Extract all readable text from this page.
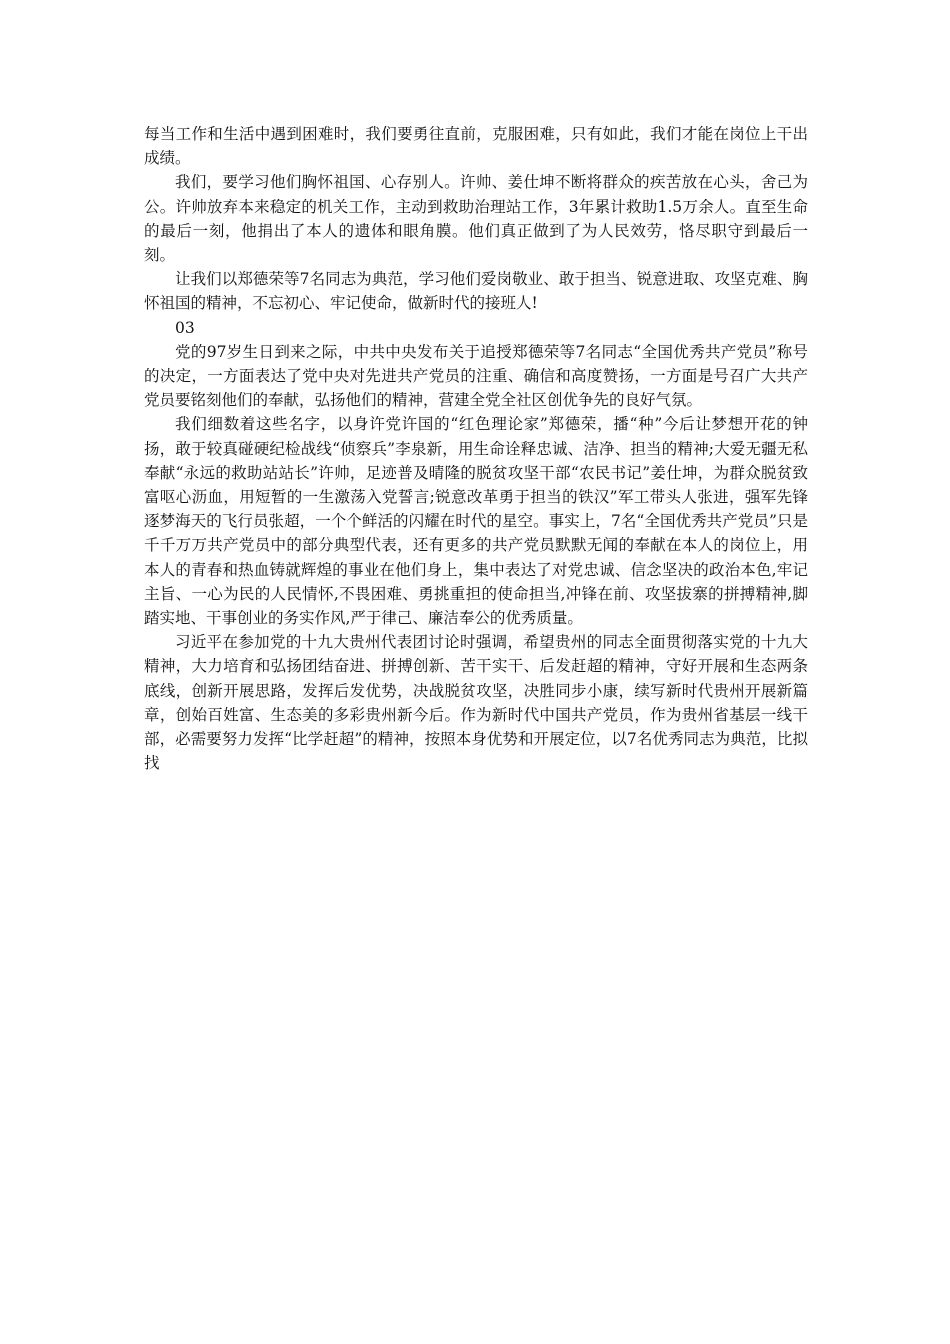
每当工作和生活中遇到困难时，我们要勇往直前，克服困难，只有如此，我们才能在岗位上干出成绩。

我们，要学习他们胸怀祖国、心存别人。许帅、姜仕坤不断将群众的疾苦放在心头，舍己为公。许帅放弃本来稳定的机关工作，主动到救助治理站工作，3年累计救助1.5万余人。直至生命的最后一刻，他捐出了本人的遗体和眼角膜。他们真正做到了为人民效劳，恪尽职守到最后一刻。

让我们以郑德荣等7名同志为典范，学习他们爱岗敬业、敢于担当、锐意进取、攻坚克难、胸怀祖国的精神，不忘初心、牢记使命，做新时代的接班人!

03

党的97岁生日到来之际，中共中央发布关于追授郑德荣等7名同志“全国优秀共产党员”称号的决定，一方面表达了党中央对先进共产党员的注重、确信和高度赞扬，一方面是号召广大共产党员要铭刻他们的奉献，弘扬他们的精神，营建全党全社区创优争先的良好气氛。

我们细数着这些名字，以身许党许国的“红色理论家”郑德荣，播“种”今后让梦想开花的钟扬，敢于较真碰硬纪检战线“侦察兵”李泉新，用生命诠释忠诚、洁净、担当的精神;大爱无疆无私奉献“永远的救助站站长”许帅，足迹普及晴隆的脱贫攻坚干部“农民书记”姜仕坤，为群众脱贫致富呕心沥血，用短暂的一生激荡入党誓言;锐意改革勇于担当的铁汉”军工带头人张进，强军先锋逐梦海天的飞行员张超，一个个鲜活的闪耀在时代的星空。事实上，7名“全国优秀共产党员”只是千千万万共产党员中的部分典型代表，还有更多的共产党员默默无闻的奉献在本人的岗位上，用本人的青春和热血铸就辉煌的事业在他们身上，集中表达了对党忠诚、信念坚决的政治本色,牢记主旨、一心为民的人民情怀,不畏困难、勇挑重担的使命担当,冲锋在前、攻坚拔寨的拼搏精神,脚踏实地、干事创业的务实作风,严于律己、廉洁奉公的优秀质量。

习近平在参加党的十九大贵州代表团讨论时强调，希望贵州的同志全面贯彻落实党的十九大精神，大力培育和弘扬团结奋进、拼搏创新、苦干实干、后发赶超的精神，守好开展和生态两条底线，创新开展思路，发挥后发优势，决战脱贫攻坚，决胜同步小康，续写新时代贵州开展新篇章，创始百姓富、生态美的多彩贵州新今后。作为新时代中国共产党员，作为贵州省基层一线干部，必需要努力发挥“比学赶超”的精神，按照本身优势和开展定位，以7名优秀同志为典范，比拟找
